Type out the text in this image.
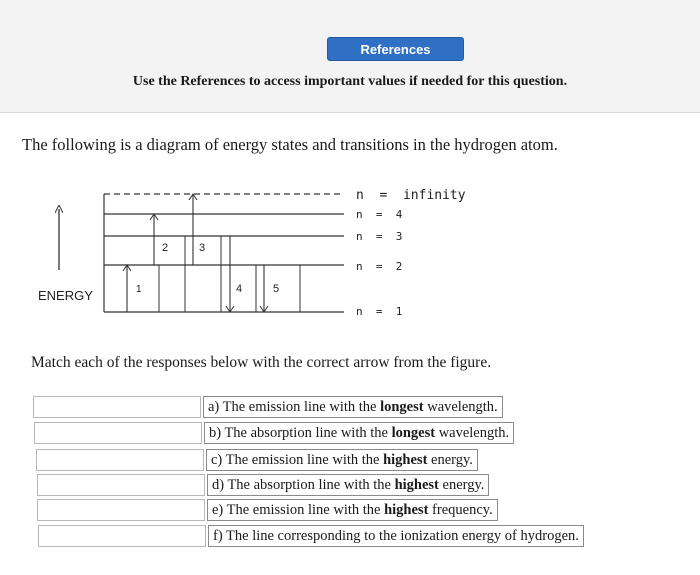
References
Use the References to access important values if needed for this question.
The following is a diagram of energy states and transitions in the hydrogen atom.
ENERGY
n  =  infinity
n  =  4
n  =  3
n  =  2
n  =  1
1
2	3
4	5
Match each of the responses below with the correct arrow from the figure.
a) The emission line with the longest wavelength.
b) The absorption line with the longest wavelength.
c) The emission line with the highest energy.
d) The absorption line with the highest energy.
e) The emission line with the highest frequency.
f) The line corresponding to the ionization energy of hydrogen.
